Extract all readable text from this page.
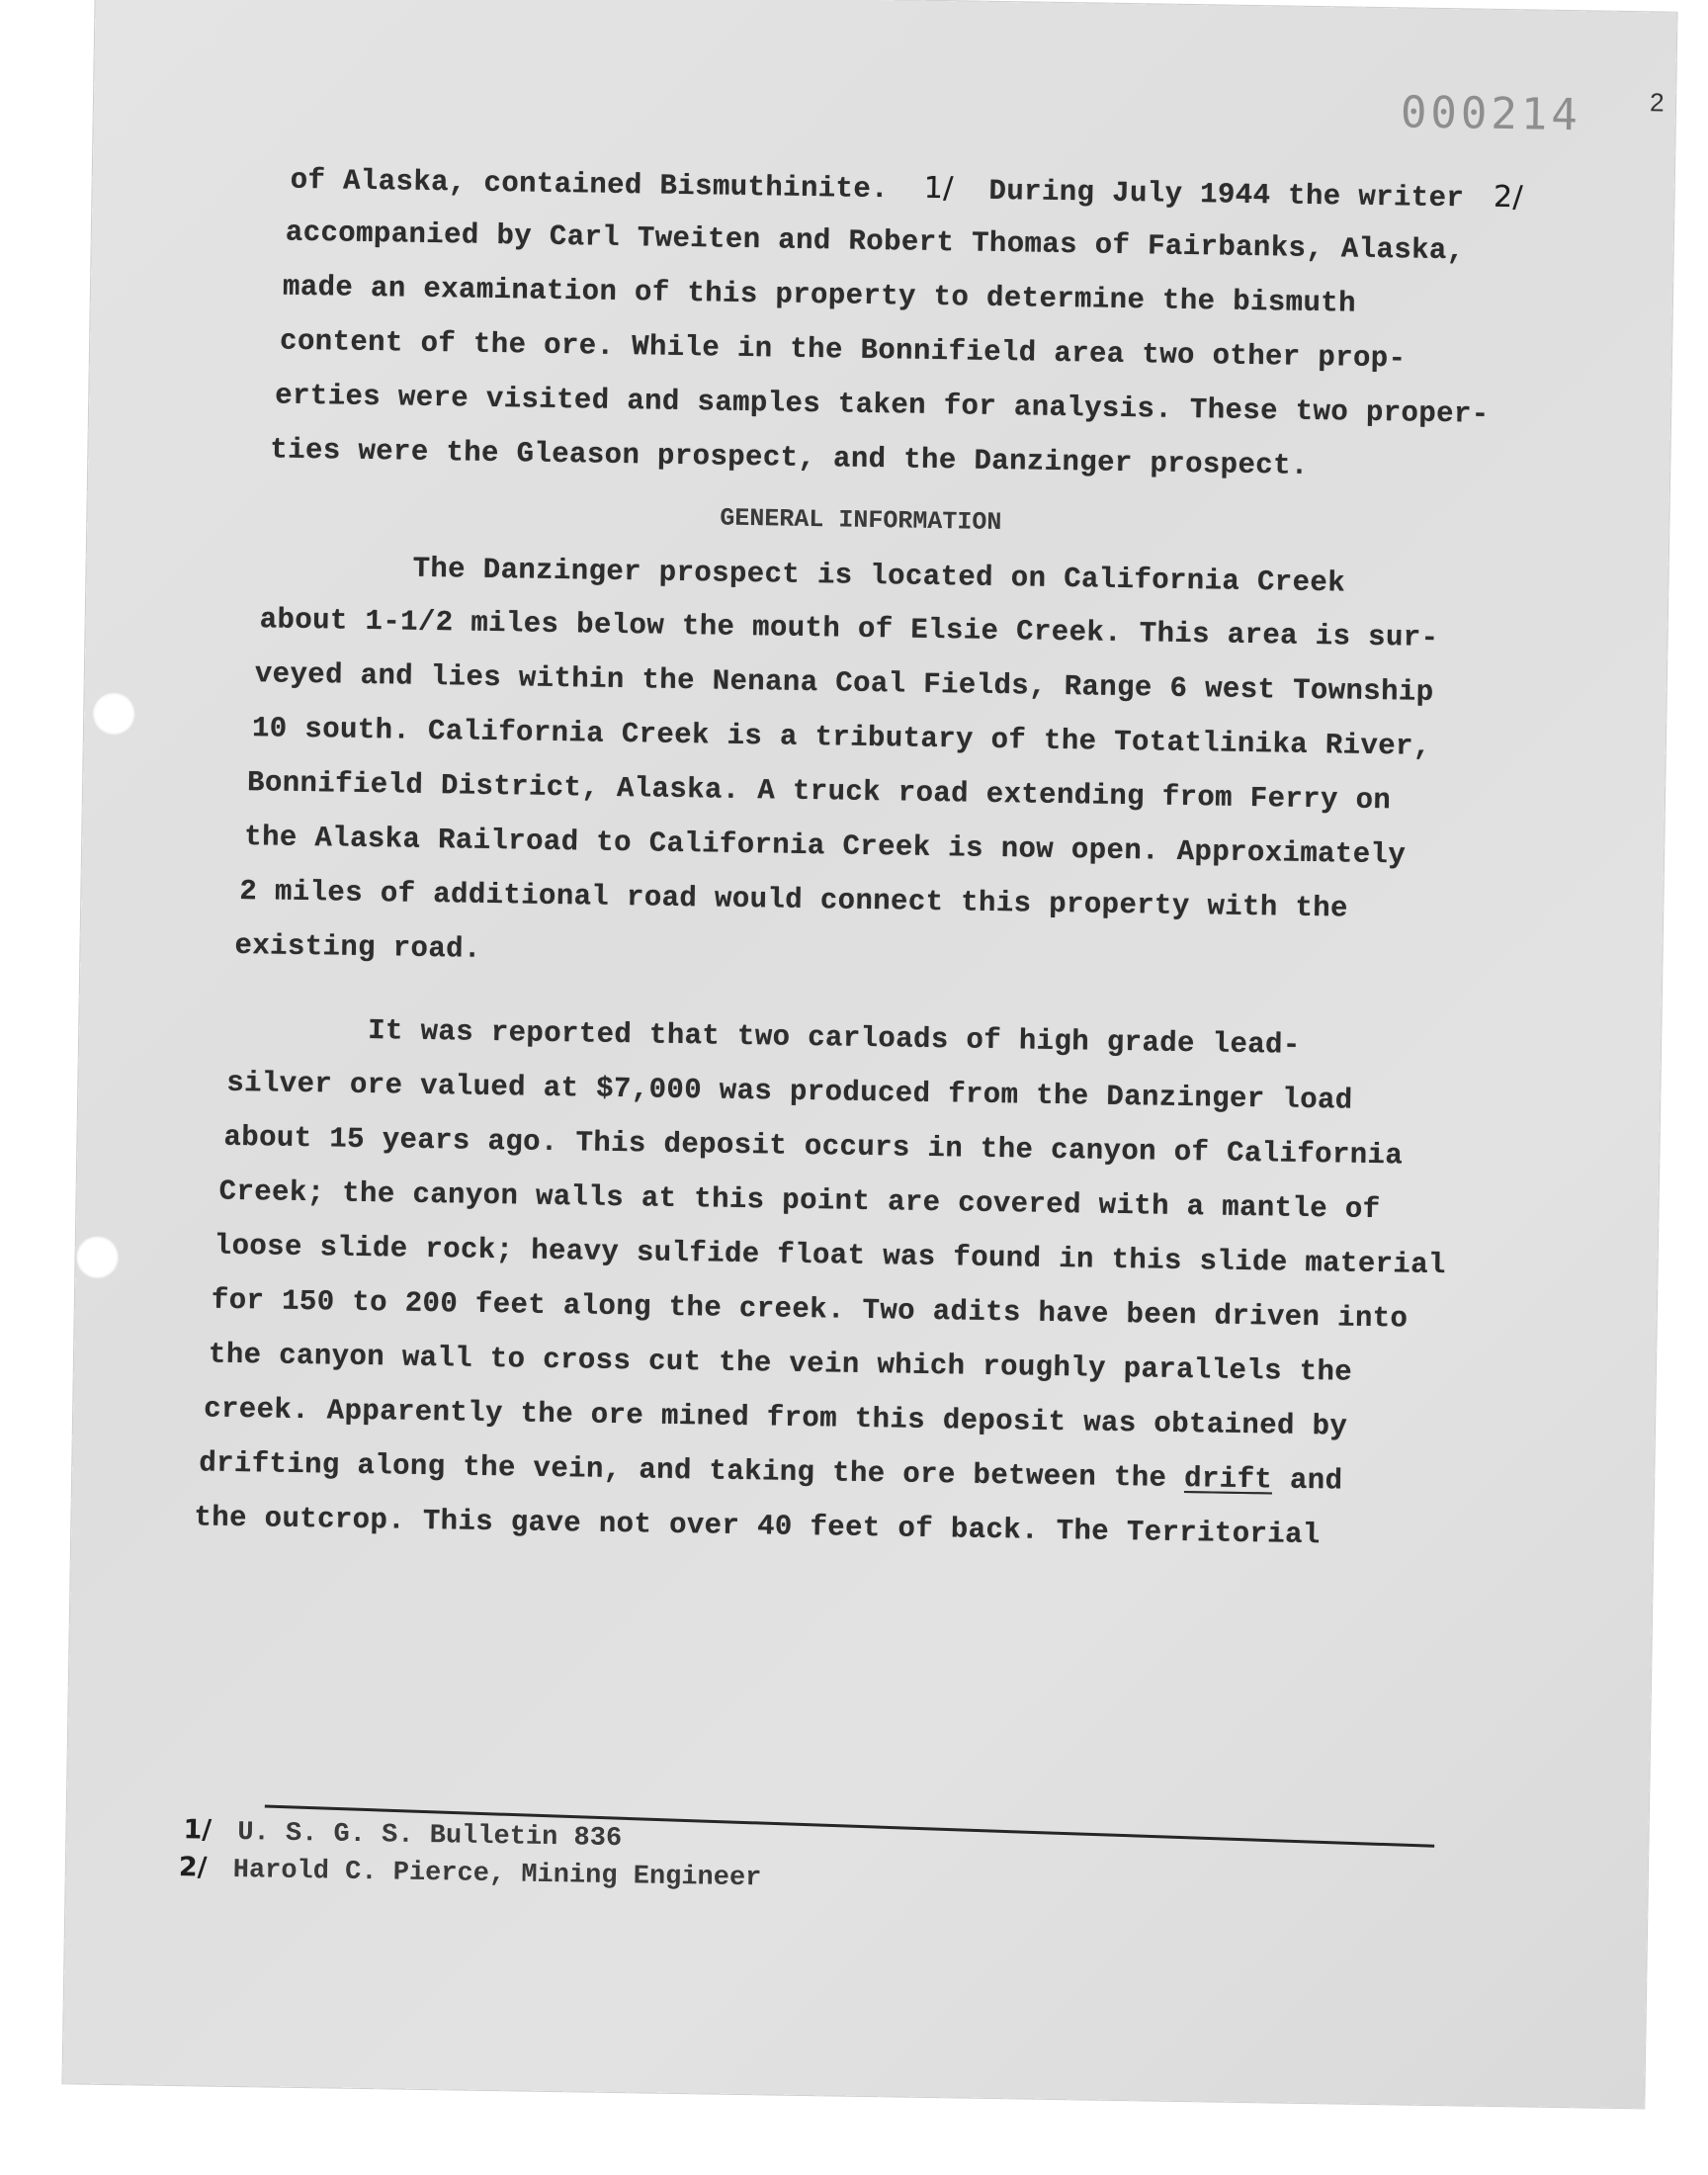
000214	2
of Alaska, contained Bismuthinite. 1/ During July 1944 the writer 2/
accompanied by Carl Tweiten and Robert Thomas of Fairbanks, Alaska,
made an examination of this property to determine the bismuth
content of the ore. While in the Bonnifield area two other prop-
erties were visited and samples taken for analysis. These two proper-
ties were the Gleason prospect, and the Danzinger prospect.
GENERAL INFORMATION
The Danzinger prospect is located on California Creek
about 1-1/2 miles below the mouth of Elsie Creek. This area is sur-
veyed and lies within the Nenana Coal Fields, Range 6 west Township
10 south. California Creek is a tributary of the Totatlinika River,
Bonnifield District, Alaska. A truck road extending from Ferry on
the Alaska Railroad to California Creek is now open. Approximately
2 miles of additional road would connect this property with the
existing road.
It was reported that two carloads of high grade lead-
silver ore valued at $7,000 was produced from the Danzinger load
about 15 years ago. This deposit occurs in the canyon of California
Creek; the canyon walls at this point are covered with a mantle of
loose slide rock; heavy sulfide float was found in this slide material
for 150 to 200 feet along the creek. Two adits have been driven into
the canyon wall to cross cut the vein which roughly parallels the
creek. Apparently the ore mined from this deposit was obtained by
drifting along the vein, and taking the ore between the drift and
the outcrop. This gave not over 40 feet of back. The Territorial
1/ U. S. G. S. Bulletin 836
2/ Harold C. Pierce, Mining Engineer
